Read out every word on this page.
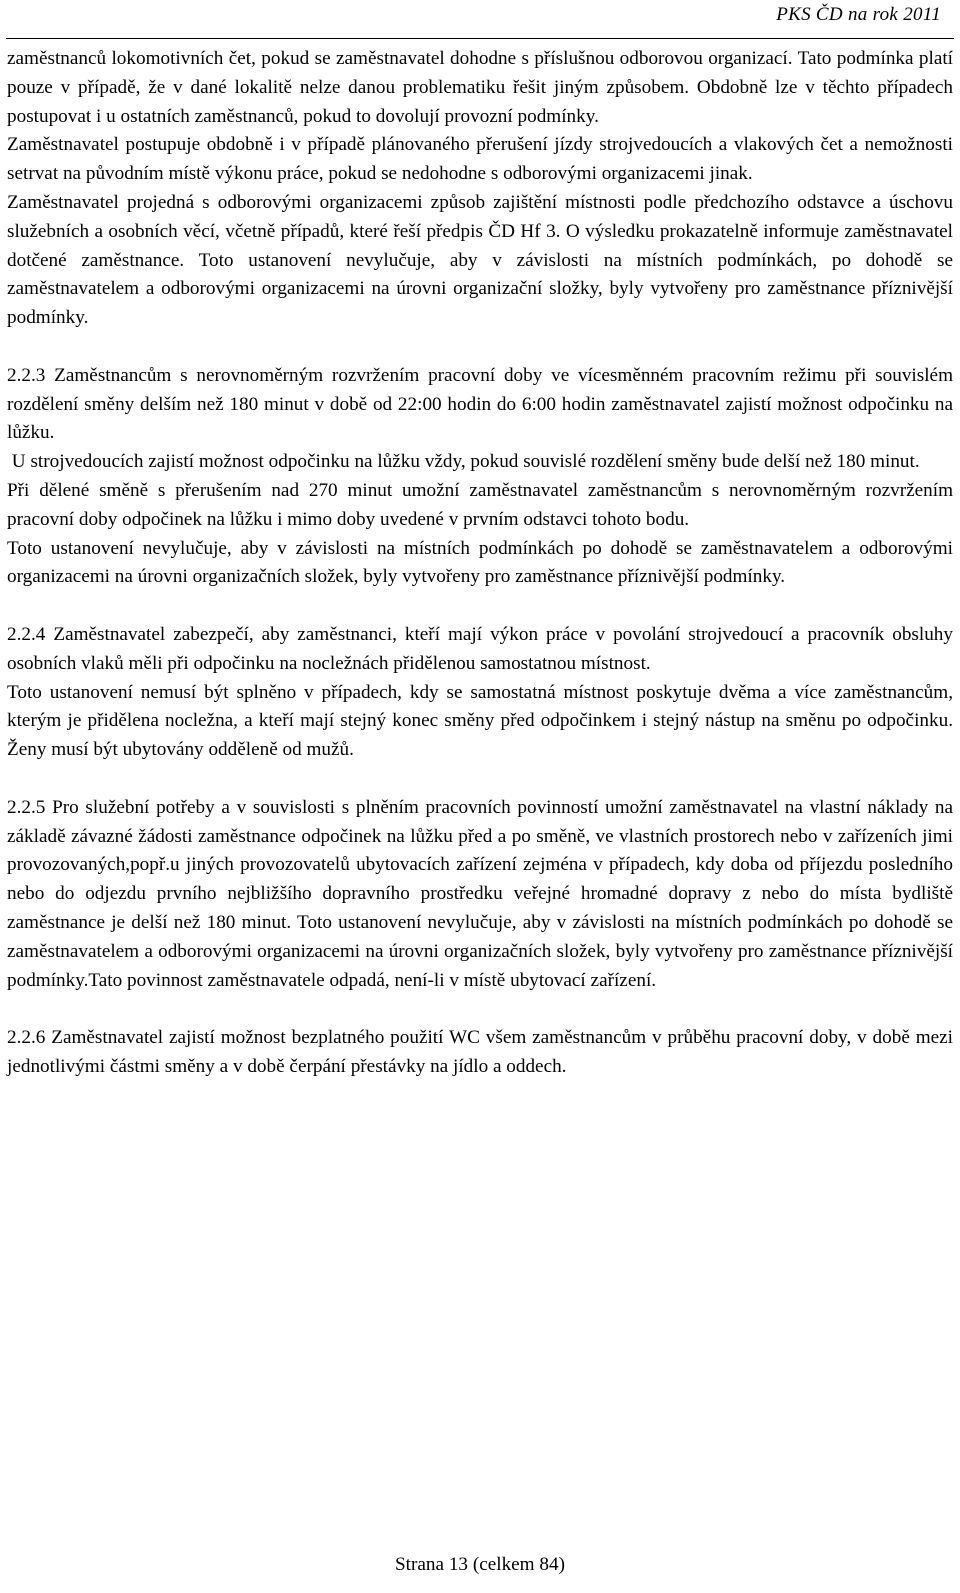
PKS ČD na rok 2011

zaměstnanců lokomotivních čet, pokud se zaměstnavatel dohodne s příslušnou odborovou organizací. Tato podmínka platí pouze v případě, že v dané lokalitě nelze danou problematiku řešit jiným způsobem. Obdobně lze v těchto případech postupovat i u ostatních zaměstnanců, pokud to dovolují provozní podmínky.

Zaměstnavatel postupuje obdobně i v případě plánovaného přerušení jízdy strojvedoucích a vlakových čet a nemožnosti setrvat na původním místě výkonu práce, pokud se nedohodne s odborovými organizacemi jinak.

Zaměstnavatel projedná s odborovými organizacemi způsob zajištění místnosti podle předchozího odstavce a úschovu služebních a osobních věcí, včetně případů, které řeší předpis ČD Hf 3. O výsledku prokazatelně informuje zaměstnavatel dotčené zaměstnance. Toto ustanovení nevylučuje, aby v závislosti na místních podmínkách, po dohodě se zaměstnavatelem a odborovými organizacemi na úrovni organizační složky, byly vytvořeny pro zaměstnance příznivější podmínky.

2.2.3 Zaměstnancům s nerovnoměrným rozvržením pracovní doby ve vícesměnném pracovním režimu při souvislém rozdělení směny delším než 180 minut v době od 22:00 hodin do 6:00 hodin zaměstnavatel zajistí možnost odpočinku na lůžku.

U strojvedoucích zajistí možnost odpočinku na lůžku vždy, pokud souvislé rozdělení směny bude delší než 180 minut.

Při dělené směně s přerušením nad 270 minut umožní zaměstnavatel zaměstnancům s nerovnoměrným rozvržením pracovní doby odpočinek na lůžku i mimo doby uvedené v prvním odstavci tohoto bodu.

Toto ustanovení nevylučuje, aby v závislosti na místních podmínkách po dohodě se zaměstnavatelem a odborovými organizacemi na úrovni organizačních složek, byly vytvořeny pro zaměstnance příznivější podmínky.

2.2.4 Zaměstnavatel zabezpečí, aby zaměstnanci, kteří mají výkon práce v povolání strojvedoucí a pracovník obsluhy osobních vlaků měli při odpočinku na nocležnách přidělenou samostatnou místnost.

Toto ustanovení nemusí být splněno v případech, kdy se samostatná místnost poskytuje dvěma a více zaměstnancům, kterým je přidělena nocležna, a kteří mají stejný konec směny před odpočinkem i stejný nástup na směnu po odpočinku. Ženy musí být ubytovány odděleně od mužů.

2.2.5 Pro služební potřeby a v souvislosti s plněním pracovních povinností umožní zaměstnavatel na vlastní náklady na základě závazné žádosti zaměstnance odpočinek na lůžku před a po směně, ve vlastních prostorech nebo v zařízeních jimi provozovaných,popř.u jiných provozovatelů ubytovacích zařízení zejména v případech, kdy doba od příjezdu posledního nebo do odjezdu prvního nejbližšího dopravního prostředku veřejné hromadné dopravy z nebo do místa bydliště zaměstnance je delší než 180 minut. Toto ustanovení nevylučuje, aby v závislosti na místních podmínkách po dohodě se zaměstnavatelem a odborovými organizacemi na úrovni organizačních složek, byly vytvořeny pro zaměstnance příznivější podmínky.Tato povinnost zaměstnavatele odpadá, není-li v místě ubytovací zařízení.

2.2.6 Zaměstnavatel zajistí možnost bezplatného použití WC všem zaměstnancům v průběhu pracovní doby, v době mezi jednotlivými částmi směny a v době čerpání přestávky na jídlo a oddech.

Strana 13 (celkem 84)
